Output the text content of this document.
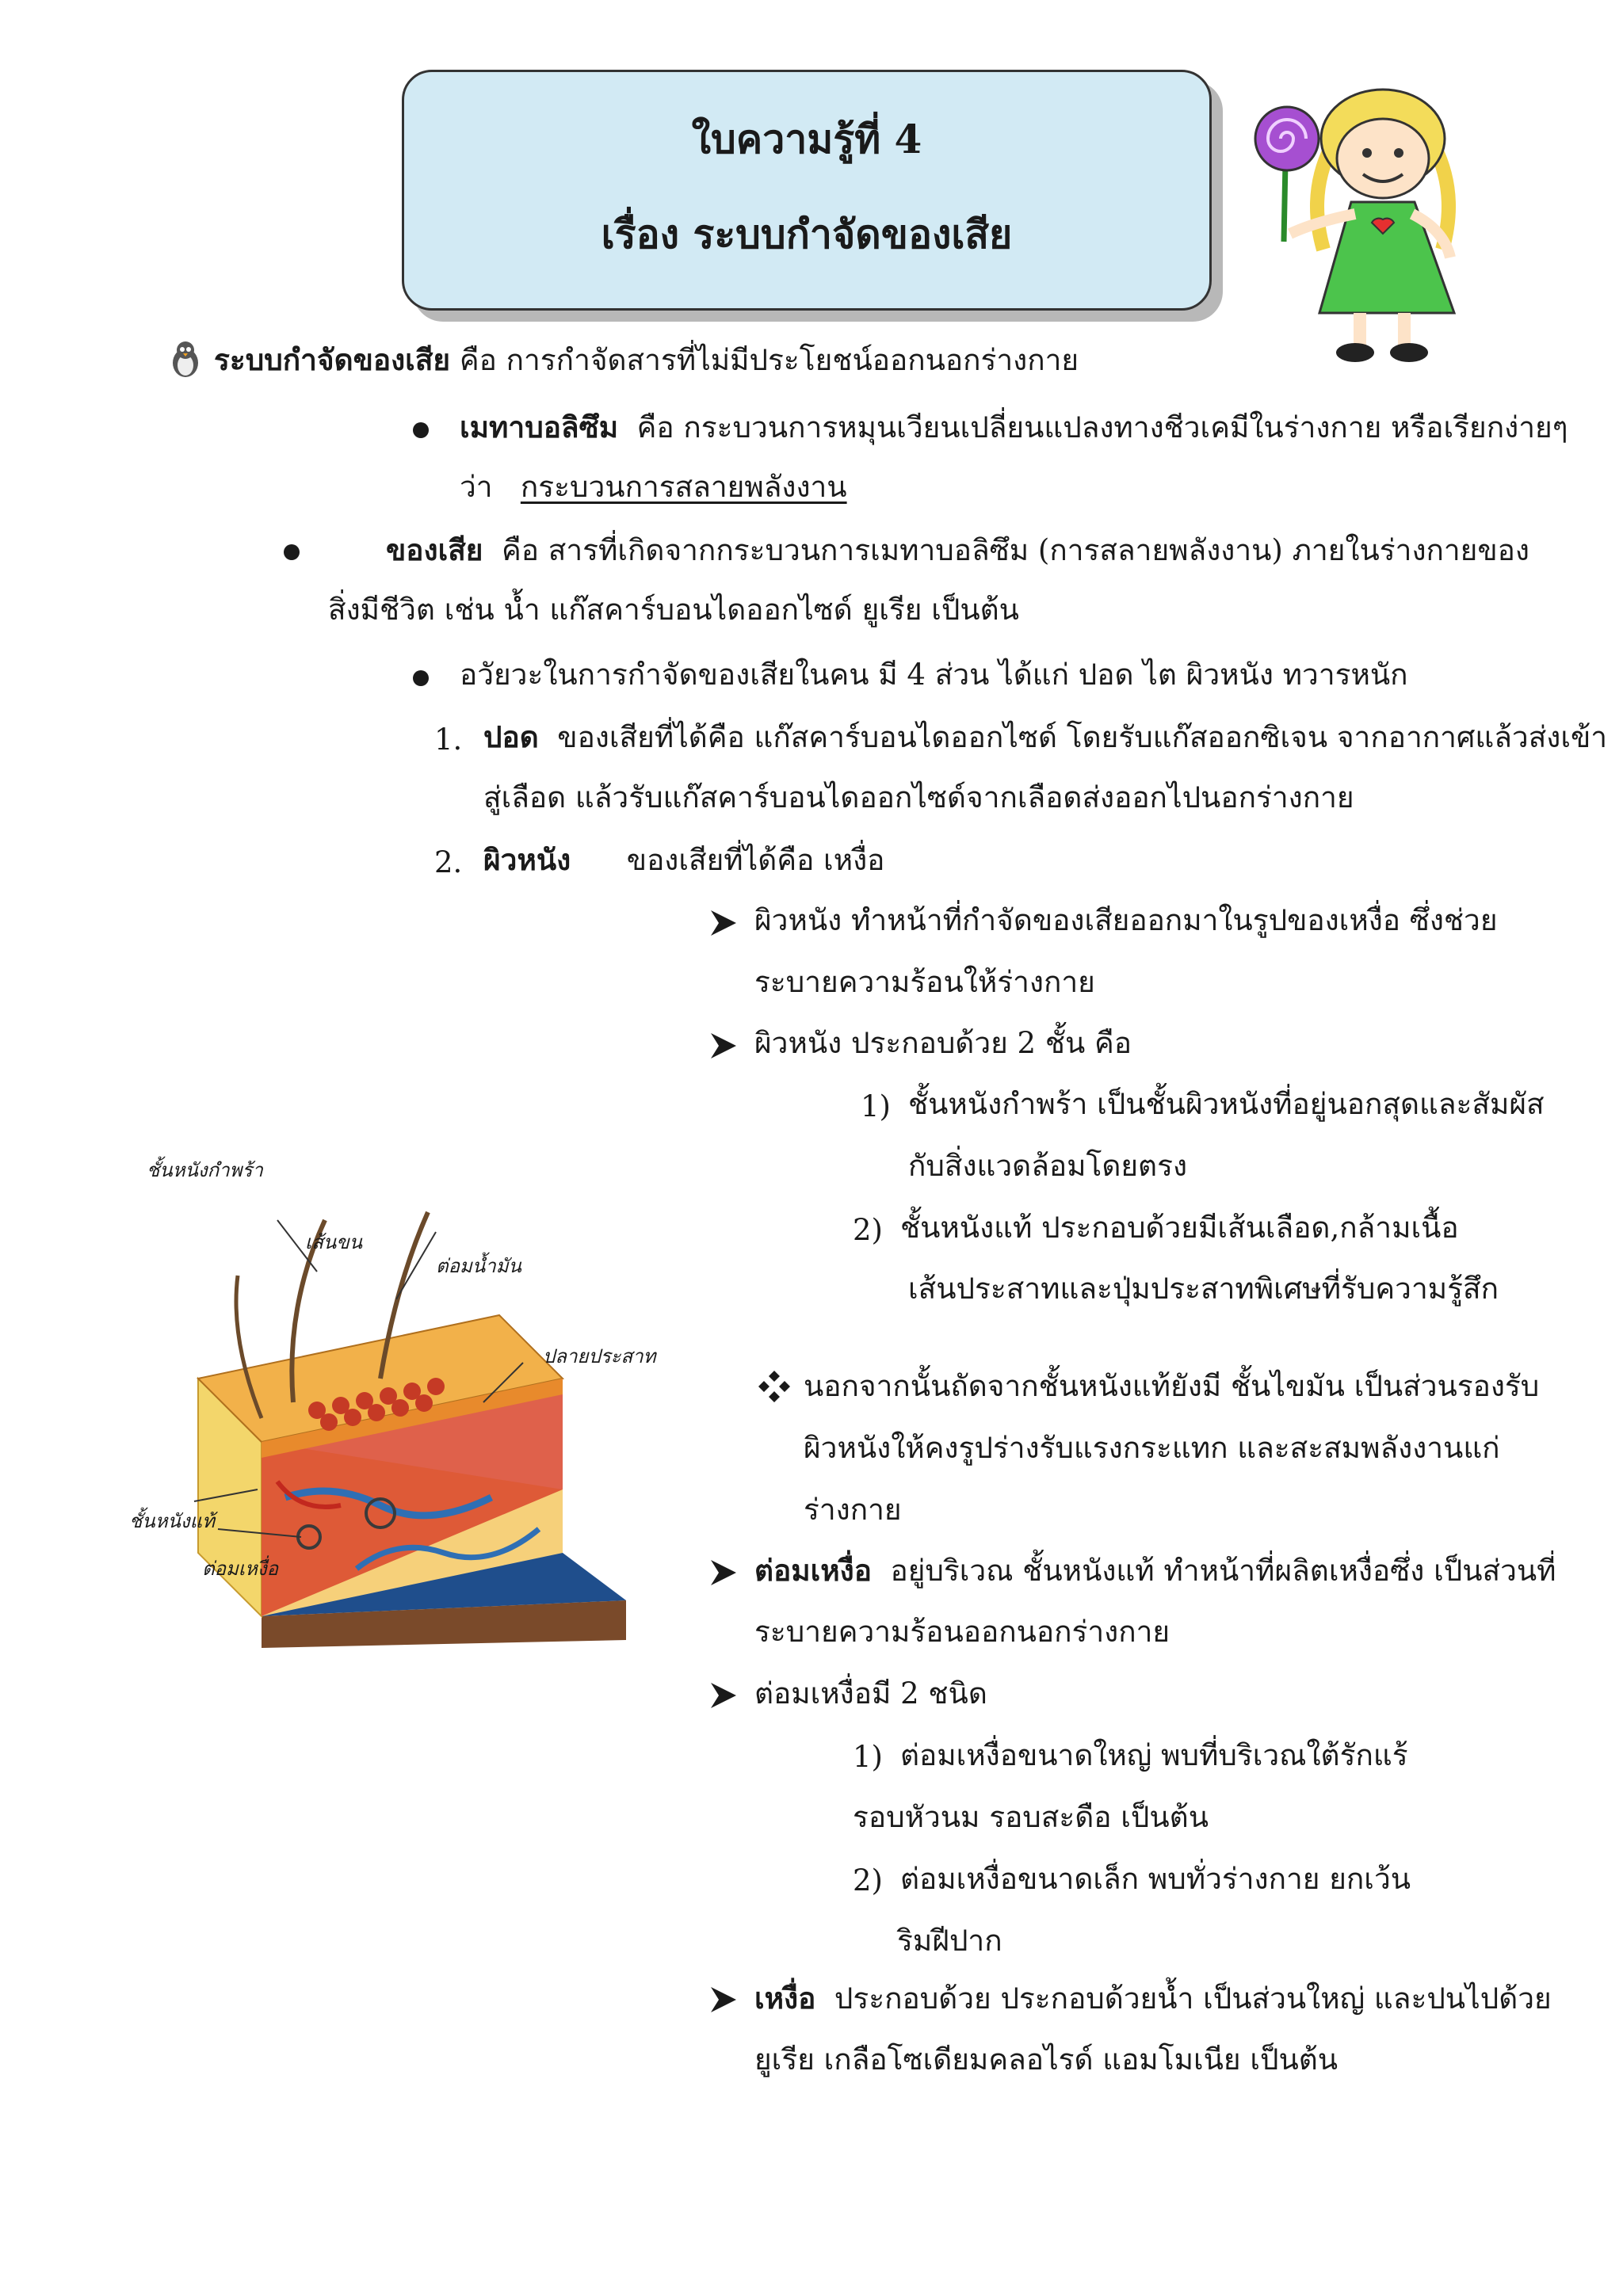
ใบความรู้ที่ 4
เรื่อง ระบบกำจัดของเสีย
ระบบกำจัดของเสีย คือ การกำจัดสารที่ไม่มีประโยชน์ออกนอกร่างกาย
เมทาบอลิซึม คือ กระบวนการหมุนเวียนเปลี่ยนแปลงทางชีวเคมีในร่างกาย หรือเรียกง่ายๆ
ว่า กระบวนการสลายพลังงาน
ของเสีย คือ สารที่เกิดจากกระบวนการเมทาบอลิซึม (การสลายพลังงาน) ภายในร่างกายของ
สิ่งมีชีวิต เช่น น้ำ แก๊สคาร์บอนไดออกไซด์ ยูเรีย เป็นต้น
อวัยวะในการกำจัดของเสียในคน มี 4 ส่วน ได้แก่ ปอด ไต ผิวหนัง ทวารหนัก
1. ปอด ของเสียที่ได้คือ แก๊สคาร์บอนไดออกไซด์ โดยรับแก๊สออกซิเจน จากอากาศแล้วส่งเข้า
สู่เลือด แล้วรับแก๊สคาร์บอนไดออกไซด์จากเลือดส่งออกไปนอกร่างกาย
2. ผิวหนัง ของเสียที่ได้คือ เหงื่อ
ผิวหนัง ทำหน้าที่กำจัดของเสียออกมาในรูปของเหงื่อ ซึ่งช่วย
ระบายความร้อนให้ร่างกาย
ผิวหนัง ประกอบด้วย 2 ชั้น คือ
1) ชั้นหนังกำพร้า เป็นชั้นผิวหนังที่อยู่นอกสุดและสัมผัส
กับสิ่งแวดล้อมโดยตรง
2) ชั้นหนังแท้ ประกอบด้วยมีเส้นเลือด,กล้ามเนื้อ
เส้นประสาทและปุ่มประสาทพิเศษที่รับความรู้สึก
นอกจากนั้นถัดจากชั้นหนังแท้ยังมี ชั้นไขมัน เป็นส่วนรองรับ
ผิวหนังให้คงรูปร่างรับแรงกระแทก และสะสมพลังงานแก่
ร่างกาย
ต่อมเหงื่อ อยู่บริเวณ ชั้นหนังแท้ ทำหน้าที่ผลิตเหงื่อซึ่ง เป็นส่วนที่
ระบายความร้อนออกนอกร่างกาย
ต่อมเหงื่อมี 2 ชนิด
1) ต่อมเหงื่อขนาดใหญ่ พบที่บริเวณใต้รักแร้
รอบหัวนม รอบสะดือ เป็นต้น
2) ต่อมเหงื่อขนาดเล็ก พบทั่วร่างกาย ยกเว้น
ริมฝีปาก
เหงื่อ ประกอบด้วย ประกอบด้วยน้ำ เป็นส่วนใหญ่ และปนไปด้วย
ยูเรีย เกลือโซเดียมคลอไรด์ แอมโมเนีย เป็นต้น
ชั้นหนังกำพร้า
เส้นขน
ต่อมน้ำมัน
ปลายประสาท
ชั้นหนังแท้
ต่อมเหงื่อ
